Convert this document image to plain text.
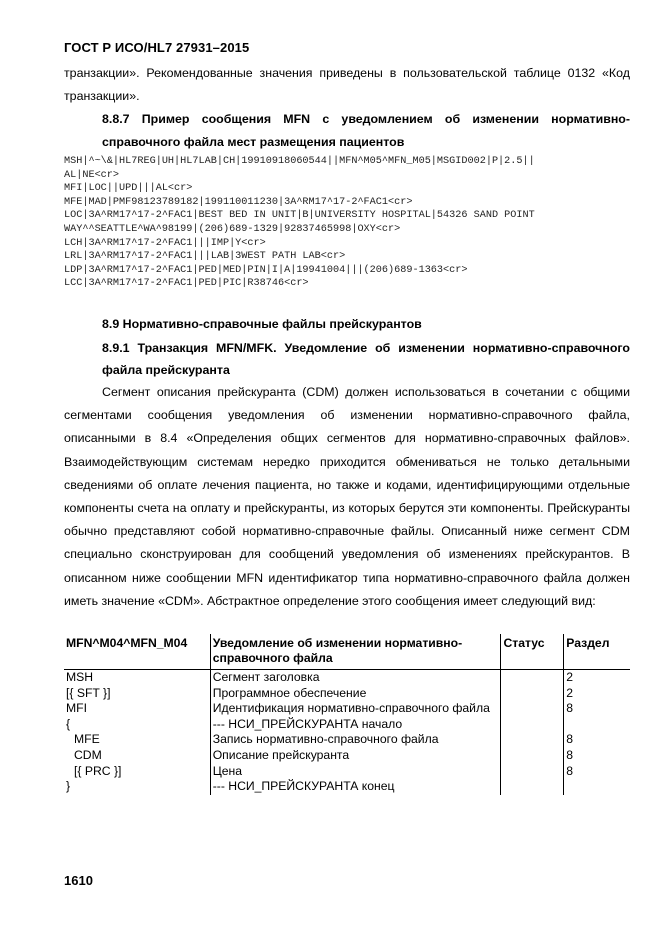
ГОСТ Р ИСО/HL7 27931–2015
транзакции». Рекомендованные значения приведены в пользовательской таблице 0132 «Код транзакции».
8.8.7 Пример сообщения MFN с уведомлением об изменении нормативно-справочного файла мест размещения пациентов
MSH|^~\&|HL7REG|UH|HL7LAB|CH|19910918060544||MFN^M05^MFN_M05|MSGID002|P|2.5||
AL|NE<cr>
MFI|LOC||UPD|||AL<cr>
MFE|MAD|PMF98123789182|199110011230|3A^RM17^17-2^FAC1<cr>
LOC|3A^RM17^17-2^FAC1|BEST BED IN UNIT|B|UNIVERSITY HOSPITAL|54326 SAND POINT
WAY^^SEATTLE^WA^98199|(206)689-1329|92837465998|OXY<cr>
LCH|3A^RM17^17-2^FAC1|||IMP|Y<cr>
LRL|3A^RM17^17-2^FAC1|||LAB|3WEST PATH LAB<cr>
LDP|3A^RM17^17-2^FAC1|PED|MED|PIN|I|A|19941004|||(206)689-1363<cr>
LCC|3A^RM17^17-2^FAC1|PED|PIC|R38746<cr>
8.9 Нормативно-справочные файлы прейскурантов
8.9.1 Транзакция MFN/MFK. Уведомление об изменении нормативно-справочного файла прейскуранта
Сегмент описания прейскуранта (CDM) должен использоваться в сочетании с общими сегментами сообщения уведомления об изменении нормативно-справочного файла, описанными в 8.4 «Определения общих сегментов для нормативно-справочных файлов». Взаимодействующим системам нередко приходится обмениваться не только детальными сведениями об оплате лечения пациента, но также и кодами, идентифицирующими отдельные компоненты счета на оплату и прейскуранты, из которых берутся эти компоненты. Прейскуранты обычно представляют собой нормативно-справочные файлы. Описанный ниже сегмент CDM специально сконструирован для сообщений уведомления об изменениях прейскурантов. В описанном ниже сообщении MFN идентификатор типа нормативно-справочного файла должен иметь значение «CDM». Абстрактное определение этого сообщения имеет следующий вид:
MFN^M04^MFN_M04	Уведомление об изменении нормативно-справочного файла	Статус	Раздел
MSH	Сегмент заголовка		2
[{ SFT }]	Программное обеспечение		2
MFI	Идентификация нормативно-справочного файла		8
{	--- НСИ_ПРЕЙСКУРАНТА начало		
MFE	Запись нормативно-справочного файла		8
CDM	Описание прейскуранта		8
[{ PRC }]	Цена		8
}	--- НСИ_ПРЕЙСКУРАНТА конец		
1610
